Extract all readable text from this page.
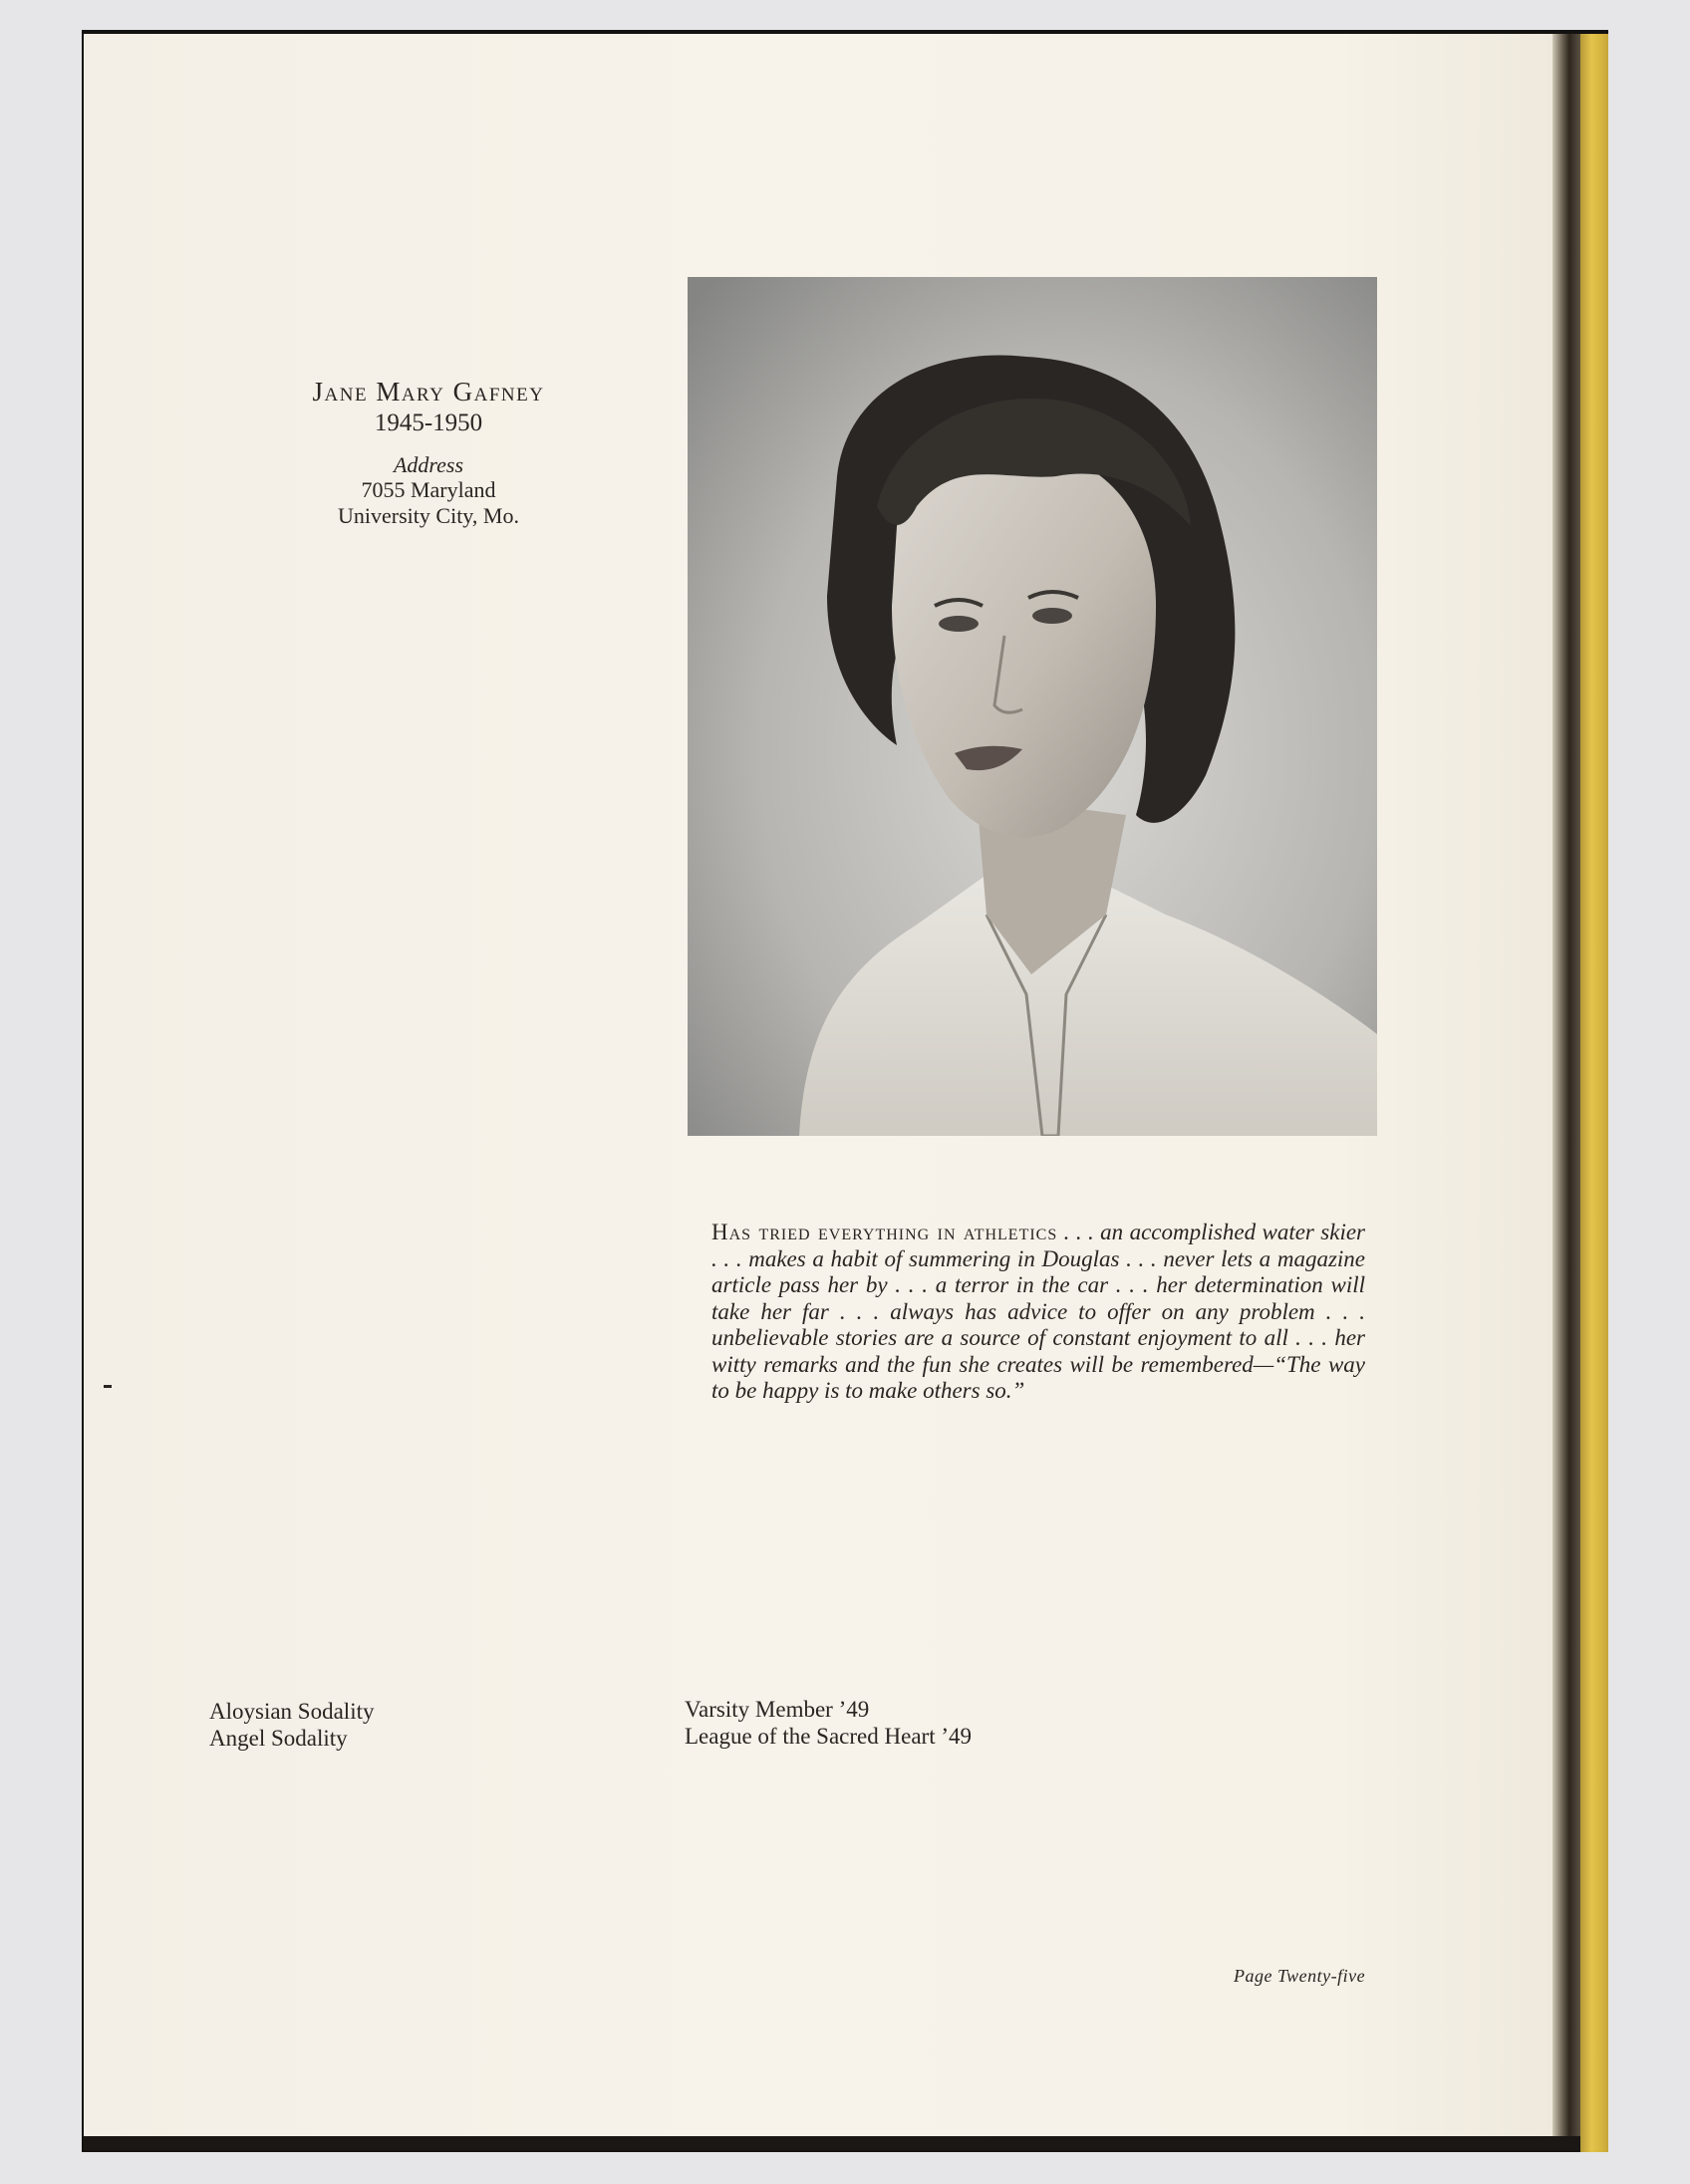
Jane Mary Gafney
1945-1950
Address
7055 Maryland
University City, Mo.
Has tried everything in athletics . . . an accomplished water skier . . . makes a habit of summering in Douglas . . . never lets a magazine article pass her by . . . a terror in the car . . . her determination will take her far . . . always has advice to offer on any problem . . . unbelievable stories are a source of constant enjoyment to all . . . her witty remarks and the fun she creates will be remembered—“The way to be happy is to make others so.”
Aloysian Sodality
Angel Sodality
Varsity Member ’49
League of the Sacred Heart ’49
Page Twenty-five
